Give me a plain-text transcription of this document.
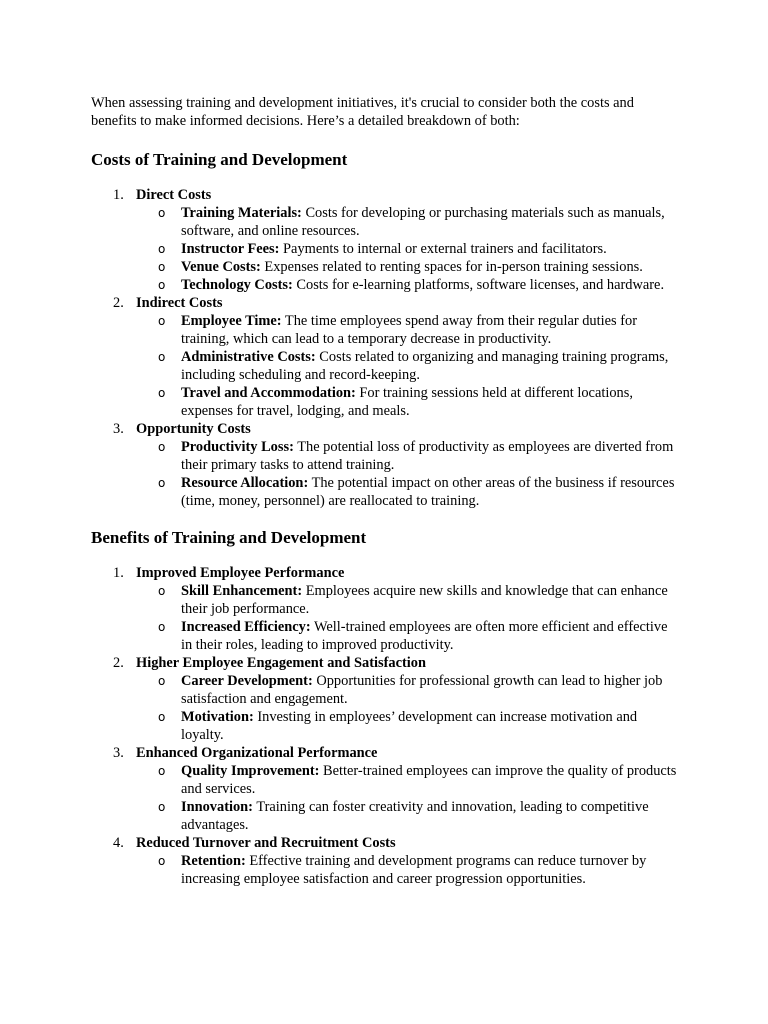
When assessing training and development initiatives, it's crucial to consider both the costs and benefits to make informed decisions. Here’s a detailed breakdown of both:

Costs of Training and Development
1. Direct Costs
o Training Materials: Costs for developing or purchasing materials such as manuals, software, and online resources.
o Instructor Fees: Payments to internal or external trainers and facilitators.
o Venue Costs: Expenses related to renting spaces for in-person training sessions.
o Technology Costs: Costs for e-learning platforms, software licenses, and hardware.
2. Indirect Costs
o Employee Time: The time employees spend away from their regular duties for training, which can lead to a temporary decrease in productivity.
o Administrative Costs: Costs related to organizing and managing training programs, including scheduling and record-keeping.
o Travel and Accommodation: For training sessions held at different locations, expenses for travel, lodging, and meals.
3. Opportunity Costs
o Productivity Loss: The potential loss of productivity as employees are diverted from their primary tasks to attend training.
o Resource Allocation: The potential impact on other areas of the business if resources (time, money, personnel) are reallocated to training.
Benefits of Training and Development
1. Improved Employee Performance
o Skill Enhancement: Employees acquire new skills and knowledge that can enhance their job performance.
o Increased Efficiency: Well-trained employees are often more efficient and effective in their roles, leading to improved productivity.
2. Higher Employee Engagement and Satisfaction
o Career Development: Opportunities for professional growth can lead to higher job satisfaction and engagement.
o Motivation: Investing in employees’ development can increase motivation and loyalty.
3. Enhanced Organizational Performance
o Quality Improvement: Better-trained employees can improve the quality of products and services.
o Innovation: Training can foster creativity and innovation, leading to competitive advantages.
4. Reduced Turnover and Recruitment Costs
o Retention: Effective training and development programs can reduce turnover by increasing employee satisfaction and career progression opportunities.
